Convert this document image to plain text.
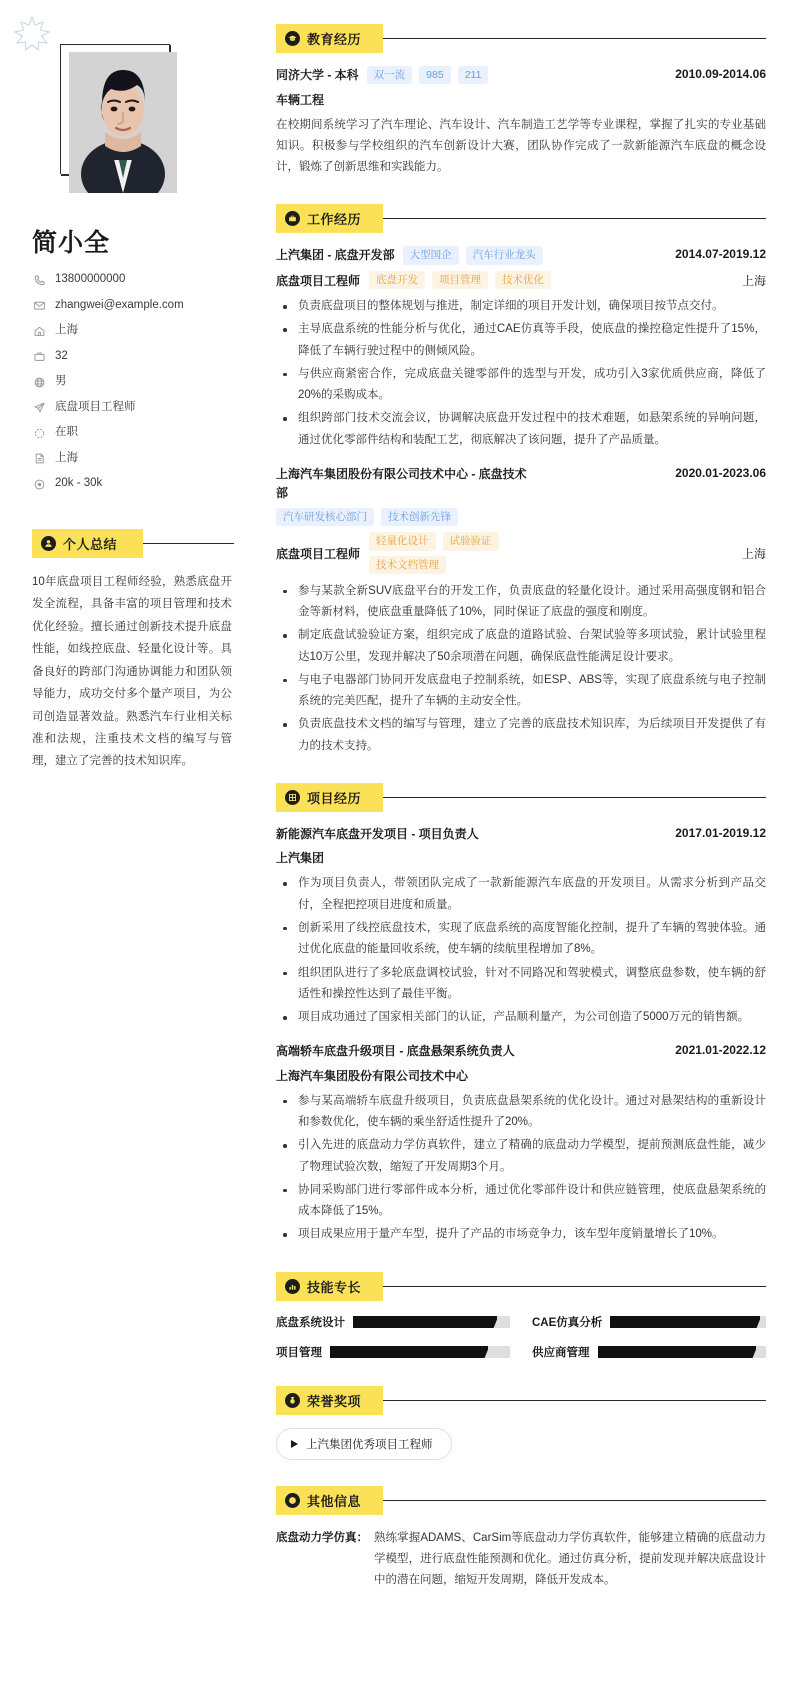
简小全
13800000000
zhangwei@example.com
上海
32
男
底盘项目工程师
在职
上海
20k - 30k
个人总结

10年底盘项目工程师经验，熟悉底盘开发全流程，具备丰富的项目管理和技术优化经验。擅长通过创新技术提升底盘性能，如线控底盘、轻量化设计等。具备良好的跨部门沟通协调能力和团队领导能力，成功交付多个量产项目，为公司创造显著效益。熟悉汽车行业相关标准和法规，注重技术文档的编写与管理，建立了完善的技术知识库。

教育经历
同济大学 - 本科	双一流	985	211	2010.09-2014.06
车辆工程

在校期间系统学习了汽车理论、汽车设计、汽车制造工艺学等专业课程，掌握了扎实的专业基础知识。积极参与学校组织的汽车创新设计大赛，团队协作完成了一款新能源汽车底盘的概念设计，锻炼了创新思维和实践能力。

工作经历
上汽集团 - 底盘开发部	大型国企	汽车行业龙头	2014.07-2019.12
底盘项目工程师	底盘开发	项目管理	技术优化	上海
负责底盘项目的整体规划与推进，制定详细的项目开发计划，确保项目按节点交付。
主导底盘系统的性能分析与优化，通过CAE仿真等手段，使底盘的操控稳定性提升了15%，降低了车辆行驶过程中的侧倾风险。
与供应商紧密合作，完成底盘关键零部件的选型与开发，成功引入3家优质供应商，降低了20%的采购成本。
组织跨部门技术交流会议，协调解决底盘开发过程中的技术难题，如悬架系统的异响问题，通过优化零部件结构和装配工艺，彻底解决了该问题，提升了产品质量。
上海汽车集团股份有限公司技术中心 - 底盘技术部
汽车研发核心部门	技术创新先锋
2020.01-2023.06
底盘项目工程师
轻量化设计	试验验证
技术文档管理
上海
参与某款全新SUV底盘平台的开发工作，负责底盘的轻量化设计。通过采用高强度钢和铝合金等新材料，使底盘重量降低了10%，同时保证了底盘的强度和刚度。
制定底盘试验验证方案，组织完成了底盘的道路试验、台架试验等多项试验，累计试验里程达10万公里，发现并解决了50余项潜在问题，确保底盘性能满足设计要求。
与电子电器部门协同开发底盘电子控制系统，如ESP、ABS等，实现了底盘系统与电子控制系统的完美匹配，提升了车辆的主动安全性。
负责底盘技术文档的编写与管理，建立了完善的底盘技术知识库，为后续项目开发提供了有力的技术支持。
项目经历
新能源汽车底盘开发项目 - 项目负责人	2017.01-2019.12
上汽集团
作为项目负责人，带领团队完成了一款新能源汽车底盘的开发项目。从需求分析到产品交付，全程把控项目进度和质量。
创新采用了线控底盘技术，实现了底盘系统的高度智能化控制，提升了车辆的驾驶体验。通过优化底盘的能量回收系统，使车辆的续航里程增加了8%。
组织团队进行了多轮底盘调校试验，针对不同路况和驾驶模式，调整底盘参数，使车辆的舒适性和操控性达到了最佳平衡。
项目成功通过了国家相关部门的认证，产品顺利量产，为公司创造了5000万元的销售额。
高端轿车底盘升级项目 - 底盘悬架系统负责人	2021.01-2022.12
上海汽车集团股份有限公司技术中心
参与某高端轿车底盘升级项目，负责底盘悬架系统的优化设计。通过对悬架结构的重新设计和参数优化，使车辆的乘坐舒适性提升了20%。
引入先进的底盘动力学仿真软件，建立了精确的底盘动力学模型，提前预测底盘性能，减少了物理试验次数，缩短了开发周期3个月。
协同采购部门进行零部件成本分析，通过优化零部件设计和供应链管理，使底盘悬架系统的成本降低了15%。
项目成果应用于量产车型，提升了产品的市场竞争力，该车型年度销量增长了10%。
技能专长
底盘系统设计	CAE仿真分析
项目管理	供应商管理
荣誉奖项
上汽集团优秀项目工程师
其他信息
底盘动力学仿真： 熟练掌握ADAMS、CarSim等底盘动力学仿真软件，能够建立精确的底盘动力学模型，进行底盘性能预测和优化。通过仿真分析，提前发现并解决底盘设计中的潜在问题，缩短开发周期，降低开发成本。
